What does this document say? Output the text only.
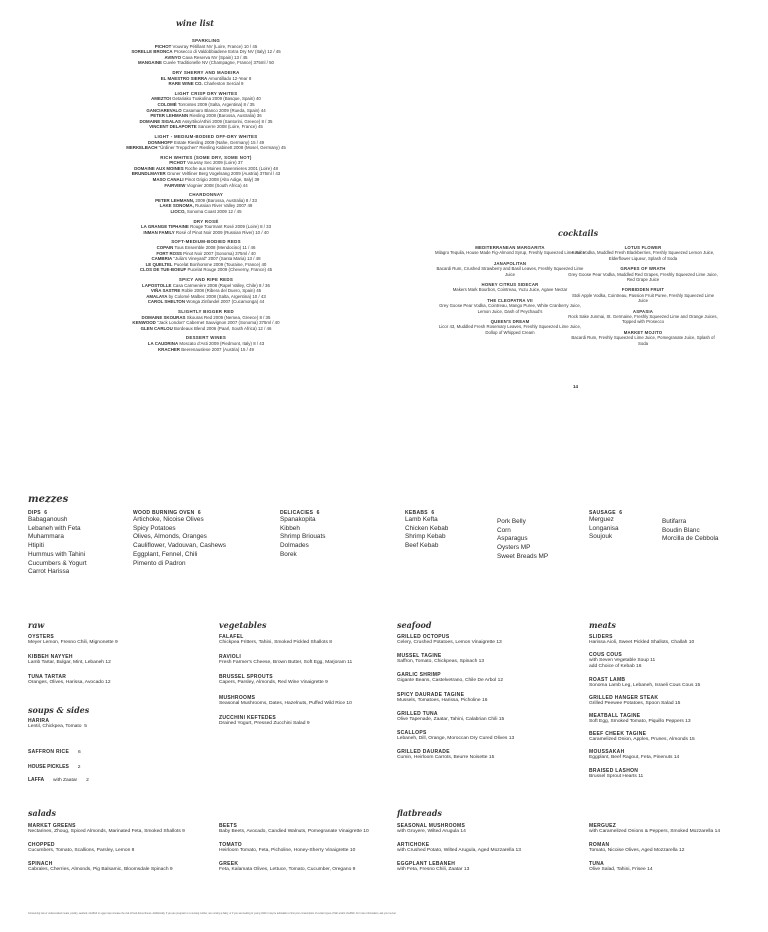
wine list
SPARKLING
PICHOT Vouvray Pétillant NV (Loire, France) 10 / 45
SORELLE BRONCA Prosecco di Valdobbiadene Extra Dry NV (Italy) 12 / 45
AVINYO Cava Reserva NV (Spain) 13 / 45
MANGAINE Cuvée Traditionelle NV (Champagne, France) 375ml / 50
DRY SHERRY AND MADEIRA
EL MAESTRO SIERRA Amontillado 12-Year 8
RARE WINE CO. Charleston Sercial 9
LIGHT CRISP DRY WHITES
AMEZTOI Getariako Txakolina 2009 (Basque, Spain) 40
COLOMÉ Torrontes 2009 (Salta, Argentina) 8 / 35
GANCIAREVALO Casamaro Blanco 2009 (Rueda, Spain) 44
PETER LEHMANN Riesling 2008 (Barossa, Australia) 36
DOMAINE SIGALAS Assyrtiko/Athiri 2009 (Santorini, Greece) 8 / 35
VINCENT DELAPORTE Sancerre 2008 (Loire, France) 45
LIGHT - MEDIUM-BODIED OFF-DRY WHITES
DONNHOFF Estate Riesling 2009 (Nahe, Germany) 15 / 49
MERKELBACH "Ürdiner Treppchen" Riesling Kabinett 2008 (Mosel, Germany) 45
RICH WHITES (SOME DRY, SOME NOT)
PICHOT Vouvray Sec 2009 (Loire) 37
DOMAINE AUX MOINES Roche aux Moines Savennieres 2001 (Loire) 48
BRUNDLMAYER Gruner Veltliner Berg Vogelsang 2009 (Austria) 375ml / 43
MASO CANALI Pinot Grigio 2008 (Alto Adige, Italy) 39
FAIRVIEW Viognier 2008 (South Africa) 44
CHARDONNAY
PETER LEHMANN, 2009 (Barossa, Australia) 8 / 33
LAKE SONOMA, Russian River Valley 2007 49
LIOCO, Sonoma Coast 2009 12 / 45
DRY ROSÉ
LA GRANGE TIPHAINE Rouge Tourmant Rosé 2009 (Loire) 8 / 33
INMAN FAMILY Rosé of Pinot Noir 2009 (Russian River) 10 / 40
SOFT-MEDIUM-BODIED REDS
COPAIN Tous Ensemble 2008 (Mendocino) 11 / 46
FORT ROSS Pinot Noir 2007 (Sonoma) 375ml / 40
CAMBRIA "Julia's Vineyard" 2007 (Santa Maria) 13 / 48
LE QUELTEL Pucelat Bonhomme 2009 (Touraine, France) 40
CLOS DE TUE-BOEUF Pucelat Rouge 2009 (Cheverny, France) 45
SPICY AND RIPE REDS
LAPOSTOLLE Casa Carmenère 2008 (Rapel Valley, Chile) 8 / 36
VIÑA SASTRE Roble 2008 (Ribera del Duero, Spain) 45
AMALAYA by Colomé Malbec 2008 (Salta, Argentina) 10 / 43
CAROL SHELTON Wonga Zinfandel 2007 (Cucamonga) 44
SLIGHTLY BIGGER RED
DOMAINE SKOURAS Skouras Red 2009 (Nemea, Greece) 8 / 35
KENWOOD "Jack London" Cabernet Sauvignon 2007 (Sonoma) 375ml / 40
GLEN CARLOU Bordeaux Blend 2006 (Paarl, South Africa) 12 / 46
DESSERT WINES
LA CAUDRINA Moscato d'Asti 2009 (Piedmont, Italy) 8 / 43
KRACHER Beerenauslese 2007 (Austria) 15 / 49
cocktails
MEDITERRANEAN MARGARITA
Milagro Tequila, House Made Fig-Almond Syrup, Freshly Squeezed Lime Juice
JANAPOLITAN
Bacardi Rum, Crushed Strawberry and Basil Leaves, Freshly Squeezed Lime Juice
HONEY CITRUS SIDECAR
Makers Mark Bourbon, Cointreau, Yuzu Juice, Agave Nectar
THE CLEOPATRA VII
Grey Goose Pear Vodka, Cointreau, Mango Puree, White Cranberry Juice, Lemon Juice, Dash of Peychaud's
QUEEN'S DREAM
Licor 43, Muddled Fresh Rosemary Leaves, Freshly Squeezed Lime Juice, Dollop of Whipped Cream
LOTUS FLOWER
Ketel Vodka, Muddled Fresh Blackberries, Freshly Squeezed Lemon Juice, Elderflower Liqueur, Splash of Soda
GRAPES OF WRATH
Grey Goose Pear Vodka, Muddled Red Grapes, Freshly Squeezed Lime Juice, Red Grape Juice
FORBIDDEN FRUIT
Stoli Apple Vodka, Cointreau, Passion Fruit Puree, Freshly Squeezed Lime Juice
ASPASIA
Rock Sake Junmai, St. Germaine, Freshly Squeezed Lime and Orange Juices, Topped with Prosecco
MARKET MOJITO
Bacardi Rum, Freshly Squeezed Lime Juice, Pomegranate Juice, Splash of Soda
14
mezzes
DIPS 6
Babaganoush
Lebaneh with Feta
Muhammara
Htipiti
Hummus with Tahini
Cucumbers & Yogurt
Carrot Harissa
WOOD BURNING OVEN 6
Artichoke, Nicoise Olives
Spicy Potatoes
Olives, Almonds, Oranges
Cauliflower, Vadouvan, Cashews
Eggplant, Fennel, Chili
Pimento di Padron
DELICACIES 6
Spanakopita
Kibbeh
Shrimp Briouats
Dolmades
Borek
KEBABS 6
Lamb Kefta
Chicken Kebab
Shrimp Kebab
Beef Kebab
Pork Belly
Corn
Asparagus
Oysters MP
Sweet Breads MP
SAUSAGE 6
Merguez
Longanisa
Soujouk
Butifarra
Boudin Blanc
Morcilla de Cebbola
raw
OYSTERS
Meyer Lemon, Fresno Chili, Mignonette 9
KIBBEH NAYYEH
Lamb Tartar, Bulgar, Mint, Lebaneh 12
TUNA TARTAR
Oranges, Olives, Harissa, Avocado 12
soups & sides
HARIRA
Lentil, Chickpea, Tomato 5
SAFFRON RICE 6
HOUSE PICKLES 2
LAFFA with Zaatar 2
vegetables
FALAFEL
Chickpea Fritters, Tahini, Smoked Pickled Shallots 8
RAVIOLI
Fresh Farmer's Cheese, Brown Butter, Soft Egg, Marjoram 11
BRUSSEL SPROUTS
Capers, Parsley, Almonds, Red Wine Vinaigrette 9
MUSHROOMS
Seasonal Mushrooms, Dates, Hazelnuts, Puffed Wild Rice 10
ZUCCHINI KEFTEDES
Drained Yogurt, Pressed Zucchini Salad 9
seafood
GRILLED OCTOPUS
Celery, Crushed Potatoes, Lemon Vinaigrette 13
MUSSEL TAGINE
Saffron, Tomato, Chickpeas, Spinach 13
GARLIC SHRIMP
Gigante Beans, Castelvetrano, Chile De Arbol 12
SPICY DAURADE TAGINE
Mussels, Tomatoes, Harissa, Picholine 16
GRILLED TUNA
Olive Tapenade, Zaatar, Tahini, Calabrian Chili 15
SCALLOPS
Lebaneh, Dill, Orange, Moroccan Dry Cured Olives 13
GRILLED DAURADE
Cumin, Heirloom Carrots, Beurre Noisette 15
meats
SLIDERS
Harissa Aioli, Sweet Pickled Shallots, Challah 10
COUS COUS
with Seven Vegetable Soup 11
add Choice of Kebab 16
ROAST LAMB
Sonoma Lamb Leg, Lebaneh, Israeli Cous Cous 15
GRILLED HANGER STEAK
Grilled Peewee Potatoes, Spoon Salad 15
MEATBALL TAGINE
Soft Egg, Smoked Tomato, Piquillo Peppers 13
BEEF CHEEK TAGINE
Caramelized Onion, Apples, Prunes, Almonds 15
MOUSSAKAH
Eggplant, Beef Ragout, Feta, Pinenuts 14
BRAISED LASHON
Brussel Sprout Hearts 11
salads
MARKET GREENS
Nectarines, Zhoug, Spiced Almonds, Marinated Feta, Smoked Shallots 9
CHOPPED
Cucumbers, Tomato, Scallions, Parsley, Lemon 8
SPINACH
Cabrales, Cherries, Almonds, Pig Balsamic, Bloomsdale Spinach 9
BEETS
Baby Beets, Avocado, Candied Walnuts, Pomegranate Vinaigrette 10
TOMATO
Heirloom Tomato, Feta, Picholine, Honey-Sherry Vinaigrette 10
GREEK
Feta, Kalamata Olives, Lettuce, Tomato, Cucumber, Oregano 9
flatbreads
SEASONAL MUSHROOMS
with Gruyere, Wilted Arugula 14
ARTICHOKE
with Crushed Potato, Wilted Arugula, Aged Mozzarella 13
EGGPLANT LEBANEH
with Feta, Fresno Chili, Zaatar 13
MERGUEZ
with Caramelized Onions & Peppers, Smoked Mozzarella 14
ROMAN
Tomato, Nicoise Olives, Aged Mozzarella 12
TUNA
Olive Salad, Tahini, Frisee 14
Consuming raw or undercooked meats, poultry, seafood, shellfish or eggs may increase the risk of food-borne illness. Additionally, if you are pregnant or a nursing mother, are nursing a baby, or if you are feeding to young child it may be advisable to limit your consumption of certain types of fish and/or shellfish. For more information, ask your server.
